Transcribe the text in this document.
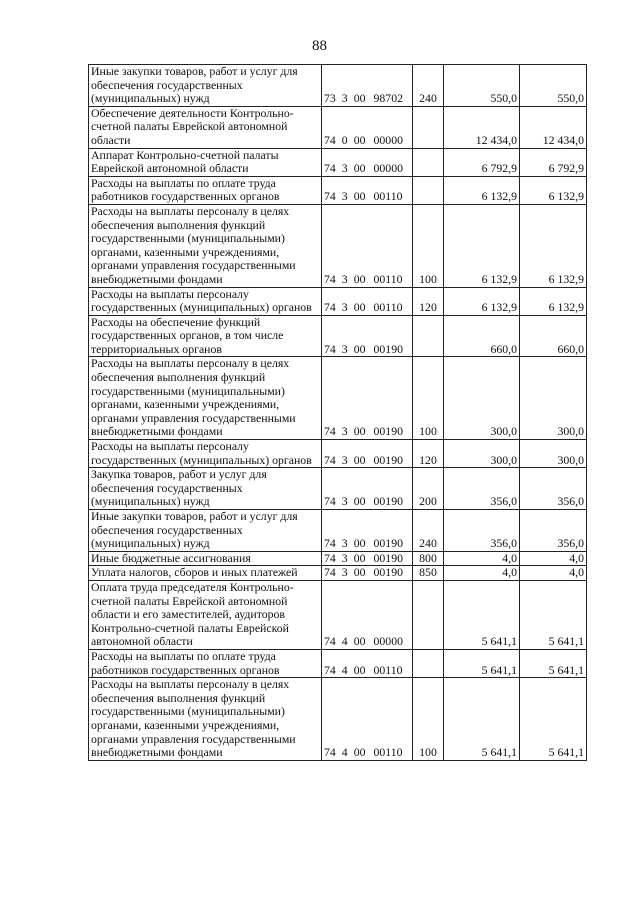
88
Иные закупки товаров, работ и услуг для обеспечения государственных (муниципальных) нужд	73 3 00 98702	240	550,0	550,0
Обеспечение деятельности Контрольно-счетной палаты Еврейской автономной области	74 0 00 00000		12 434,0	12 434,0
Аппарат Контрольно-счетной палаты Еврейской автономной области	74 3 00 00000		6 792,9	6 792,9
Расходы на выплаты по оплате труда работников государственных органов	74 3 00 00110		6 132,9	6 132,9
Расходы на выплаты персоналу в целях обеспечения выполнения функций государственными (муниципальными) органами, казенными учреждениями, органами управления государственными внебюджетными фондами	74 3 00 00110	100	6 132,9	6 132,9
Расходы на выплаты персоналу государственных (муниципальных) органов	74 3 00 00110	120	6 132,9	6 132,9
Расходы на обеспечение функций государственных органов, в том числе территориальных органов	74 3 00 00190		660,0	660,0
Расходы на выплаты персоналу в целях обеспечения выполнения функций государственными (муниципальными) органами, казенными учреждениями, органами управления государственными внебюджетными фондами	74 3 00 00190	100	300,0	300,0
Расходы на выплаты персоналу государственных (муниципальных) органов	74 3 00 00190	120	300,0	300,0
Закупка товаров, работ и услуг для обеспечения государственных (муниципальных) нужд	74 3 00 00190	200	356,0	356,0
Иные закупки товаров, работ и услуг для обеспечения государственных (муниципальных) нужд	74 3 00 00190	240	356,0	356,0
Иные бюджетные ассигнования	74 3 00 00190	800	4,0	4,0
Уплата налогов, сборов и иных платежей	74 3 00 00190	850	4,0	4,0
Оплата труда председателя Контрольно-счетной палаты Еврейской автономной области и его заместителей, аудиторов Контрольно-счетной палаты Еврейской автономной области	74 4 00 00000		5 641,1	5 641,1
Расходы на выплаты по оплате труда работников государственных органов	74 4 00 00110		5 641,1	5 641,1
Расходы на выплаты персоналу в целях обеспечения выполнения функций государственными (муниципальными) органами, казенными учреждениями, органами управления государственными внебюджетными фондами	74 4 00 00110	100	5 641,1	5 641,1
